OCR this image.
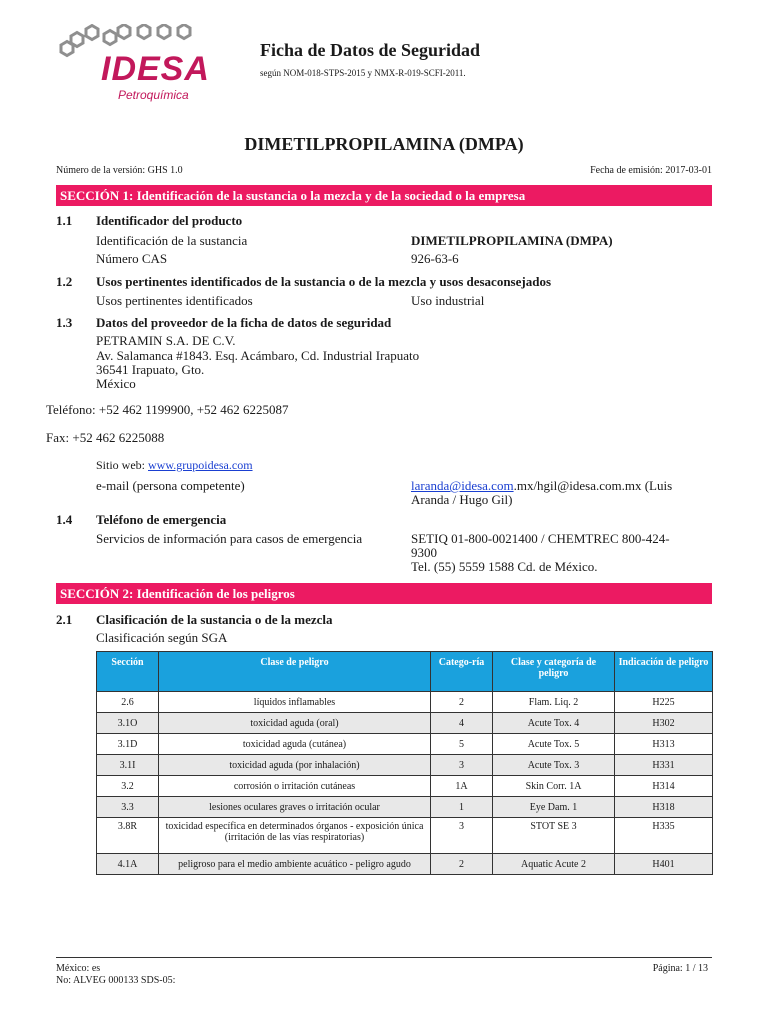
IDESA
Petroquímica
Ficha de Datos de Seguridad
según NOM-018-STPS-2015 y NMX-R-019-SCFI-2011.
DIMETILPROPILAMINA (DMPA)
Número de la versión: GHS 1.0	Fecha de emisión: 2017-03-01
SECCIÓN 1: Identificación de la sustancia o la mezcla y de la sociedad o la empresa
1.1 Identificador del producto
Identificación de la sustancia	DIMETILPROPILAMINA (DMPA)
Número CAS	926-63-6
1.2 Usos pertinentes identificados de la sustancia o de la mezcla y usos desaconsejados
Usos pertinentes identificados	Uso industrial
1.3 Datos del proveedor de la ficha de datos de seguridad
PETRAMIN S.A. DE C.V.
Av. Salamanca #1843. Esq. Acámbaro, Cd. Industrial Irapuato
36541 Irapuato, Gto.
México
Teléfono: +52 462 1199900, +52 462 6225087
Fax: +52 462 6225088
Sitio web: www.grupoidesa.com
e-mail (persona competente)	laranda@idesa.com.mx/hgil@idesa.com.mx (Luis
Aranda / Hugo Gil)
1.4 Teléfono de emergencia
Servicios de información para casos de emergencia	SETIQ 01-800-0021400 / CHEMTREC 800-424-
9300
Tel. (55) 5559 1588 Cd. de México.
SECCIÓN 2: Identificación de los peligros
2.1 Clasificación de la sustancia o de la mezcla
Clasificación según SGA
Sección	Clase de peligro	Catego-ría	Clase y categoría de peligro	Indicación de peligro
2.6	líquidos inflamables	2	Flam. Liq. 2	H225
3.1O	toxicidad aguda (oral)	4	Acute Tox. 4	H302
3.1D	toxicidad aguda (cutánea)	5	Acute Tox. 5	H313
3.1I	toxicidad aguda (por inhalación)	3	Acute Tox. 3	H331
3.2	corrosión o irritación cutáneas	1A	Skin Corr. 1A	H314
3.3	lesiones oculares graves o irritación ocular	1	Eye Dam. 1	H318
3.8R	toxicidad específica en determinados órganos - exposición única (irritación de las vías respiratorias)	3	STOT SE 3	H335
4.1A	peligroso para el medio ambiente acuático - peligro agudo	2	Aquatic Acute 2	H401
México: es
No: ALVEG 000133 SDS-05:
Página: 1 / 13
